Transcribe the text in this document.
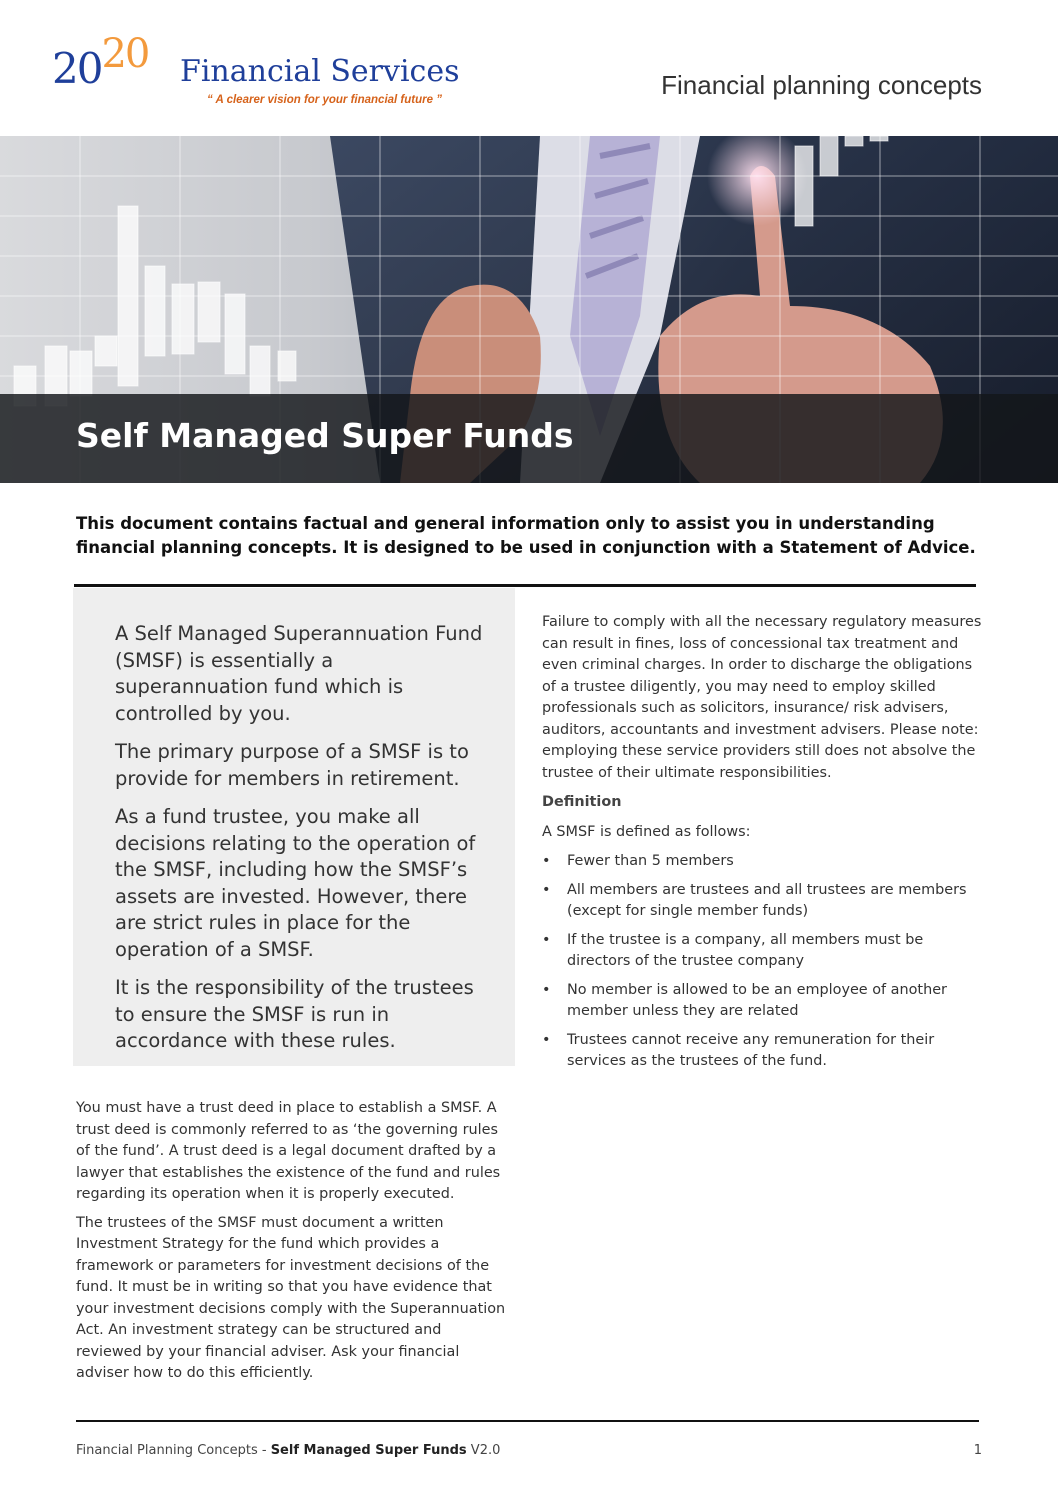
2020 Financial Services
“ A clearer vision for your financial future ”	Financial planning concepts
Self Managed Super Funds
This document contains factual and general information only to assist you in understanding financial planning concepts. It is designed to be used in conjunction with a Statement of Advice.

A Self Managed Superannuation Fund (SMSF) is essentially a superannuation fund which is controlled by you.

The primary purpose of a SMSF is to provide for members in retirement.

As a fund trustee, you make all decisions relating to the operation of the SMSF, including how the SMSF’s assets are invested. However, there are strict rules in place for the operation of a SMSF.

It is the responsibility of the trustees to ensure the SMSF is run in accordance with these rules.

You must have a trust deed in place to establish a SMSF. A trust deed is commonly referred to as ‘the governing rules of the fund’. A trust deed is a legal document drafted by a lawyer that establishes the existence of the fund and rules regarding its operation when it is properly executed.

The trustees of the SMSF must document a written Investment Strategy for the fund which provides a framework or parameters for investment decisions of the fund. It must be in writing so that you have evidence that your investment decisions comply with the Superannuation Act. An investment strategy can be structured and reviewed by your financial adviser. Ask your financial adviser how to do this efficiently.

Failure to comply with all the necessary regulatory measures can result in fines, loss of concessional tax treatment and even criminal charges. In order to discharge the obligations of a trustee diligently, you may need to employ skilled professionals such as solicitors, insurance/ risk advisers, auditors, accountants and investment advisers. Please note: employing these service providers still does not absolve the trustee of their ultimate responsibilities.

Definition

A SMSF is defined as follows:

• Fewer than 5 members
• All members are trustees and all trustees are members (except for single member funds)
• If the trustee is a company, all members must be directors of the trustee company
• No member is allowed to be an employee of another member unless they are related
• Trustees cannot receive any remuneration for their services as the trustees of the fund.
Financial Planning Concepts - Self Managed Super Funds V2.0	1
